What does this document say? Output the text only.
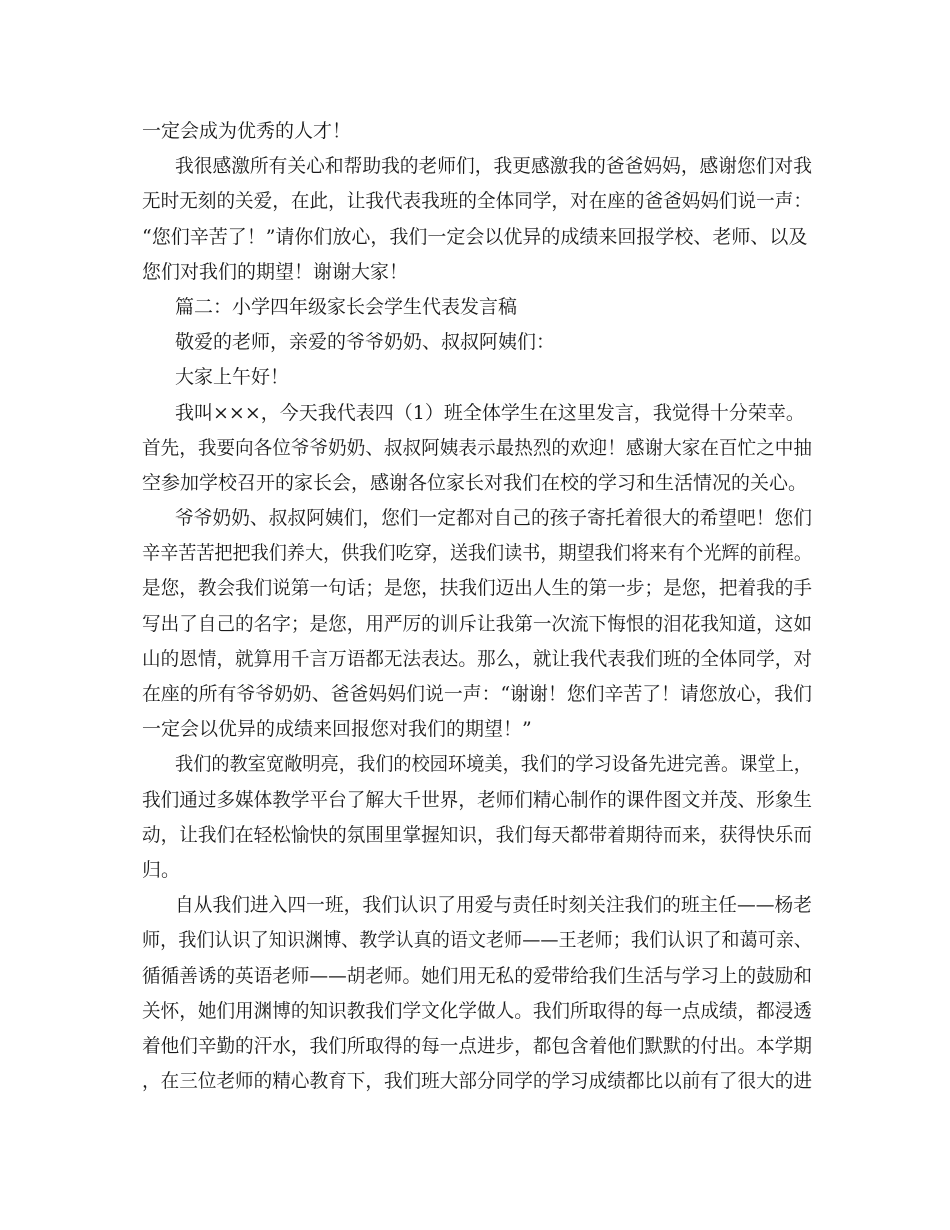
一定会成为优秀的人才！
我很感激所有关心和帮助我的老师们，我更感激我的爸爸妈妈，感谢您们对我
无时无刻的关爱，在此，让我代表我班的全体同学，对在座的爸爸妈妈们说一声：
“您们辛苦了！”请你们放心，我们一定会以优异的成绩来回报学校、老师、以及
您们对我们的期望！谢谢大家！
篇二：小学四年级家长会学生代表发言稿
敬爱的老师，亲爱的爷爷奶奶、叔叔阿姨们：
大家上午好！
我叫×××，今天我代表四（1）班全体学生在这里发言，我觉得十分荣幸。
首先，我要向各位爷爷奶奶、叔叔阿姨表示最热烈的欢迎！感谢大家在百忙之中抽
空参加学校召开的家长会，感谢各位家长对我们在校的学习和生活情况的关心。
爷爷奶奶、叔叔阿姨们，您们一定都对自己的孩子寄托着很大的希望吧！您们
辛辛苦苦把把我们养大，供我们吃穿，送我们读书，期望我们将来有个光辉的前程。
是您，教会我们说第一句话；是您，扶我们迈出人生的第一步；是您，把着我的手
写出了自己的名字；是您，用严厉的训斥让我第一次流下悔恨的泪花我知道，这如
山的恩情，就算用千言万语都无法表达。那么，就让我代表我们班的全体同学，对
在座的所有爷爷奶奶、爸爸妈妈们说一声：“谢谢！您们辛苦了！请您放心，我们
一定会以优异的成绩来回报您对我们的期望！”
我们的教室宽敞明亮，我们的校园环境美，我们的学习设备先进完善。课堂上，
我们通过多媒体教学平台了解大千世界，老师们精心制作的课件图文并茂、形象生
动，让我们在轻松愉快的氛围里掌握知识，我们每天都带着期待而来，获得快乐而
归。
自从我们进入四一班，我们认识了用爱与责任时刻关注我们的班主任——杨老
师，我们认识了知识渊博、教学认真的语文老师——王老师；我们认识了和蔼可亲、
循循善诱的英语老师——胡老师。她们用无私的爱带给我们生活与学习上的鼓励和
关怀，她们用渊博的知识教我们学文化学做人。我们所取得的每一点成绩，都浸透
着他们辛勤的汗水，我们所取得的每一点进步，都包含着他们默默的付出。本学期
，在三位老师的精心教育下，我们班大部分同学的学习成绩都比以前有了很大的进
